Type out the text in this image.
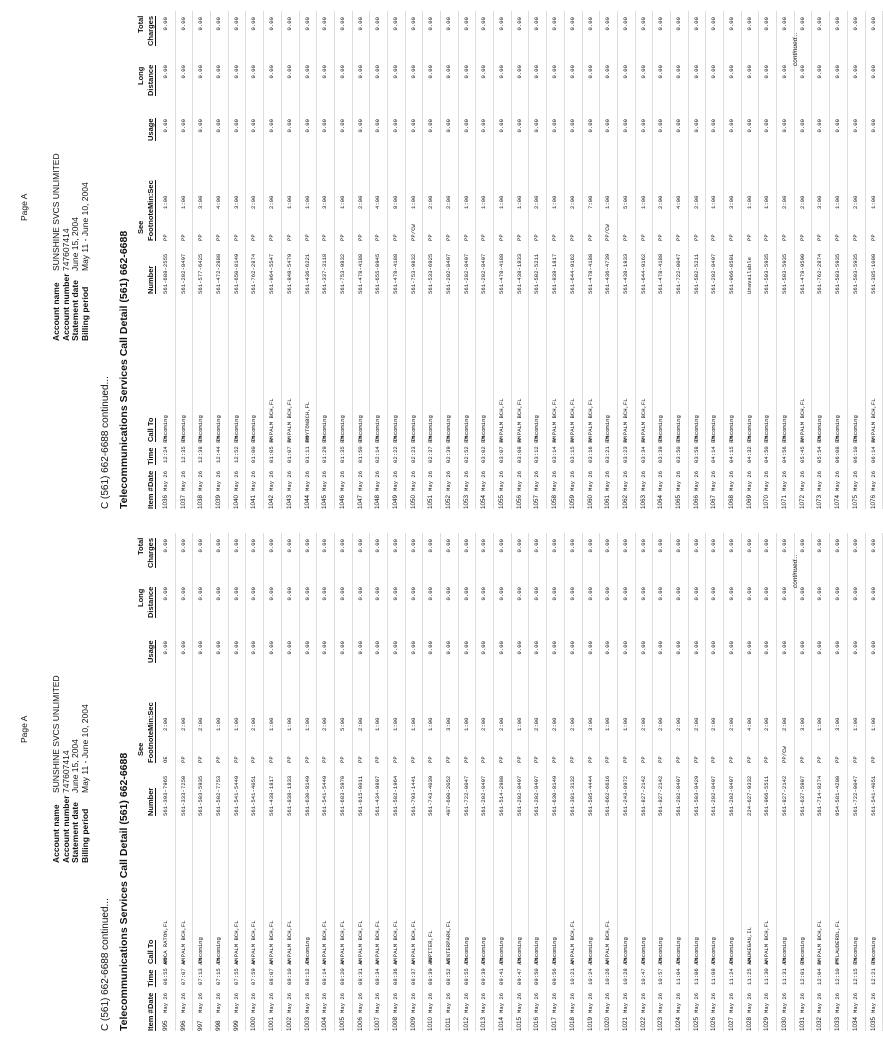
Page A
Account name
SUNSHINE SVCS UNLIMITED
Account number
747607414
Statement date
June 15, 2004
Billing period
May 11 - June 10, 2004
C (561) 662-6688 continued... Telecommunications Services Call Detail (561) 662-6688 Item #
Date
Time
Call To
Number
See Footnote
Min:Sec
Usage
Long Distance
Total Charges
995
May 26
06:55 AM
BOCA RATON,FL
561-393-7965
OE
2:00
0.00
0.00
0.00
996
May 26
07:07 AM
W PALM BCH,FL
561-333-7250
PP
2:00
0.00
0.00
0.00
997
May 26
07:13 AM
Incoming
561-503-5935
PP
2:00
0.00
0.00
0.00
998
May 26
07:15 AM
Incoming
561-502-7753
PP
1:00
0.00
0.00
0.00
999
May 26
07:55 AM
W PALM BCH,FL
561-541-5449
PP
1:00
0.00
0.00
0.00
1000
May 26
07:59 AM
W PALM BCH,FL
561-541-4051
PP
2:00
0.00
0.00
0.00
1001
May 26
08:07 AM
W PALM BCH,FL
561-438-1817
PP
1:00
0.00
0.00
0.00
1002
May 26
08:10 AM
W PALM BCH,FL
561-838-1833
PP
1:00
0.00
0.00
0.00
1003
May 26
08:12 AM
Incoming
561-630-8149
PP
1:00
0.00
0.00
0.00
1004
May 26
08:14 AM
W PALM BCH,FL
561-541-5449
PP
2:00
0.00
0.00
0.00
1005
May 26
08:20 AM
W PALM BCH,FL
561-683-5970
PP
5:00
0.00
0.00
0.00
1006
May 26
08:31 AM
W PALM BCH,FL
561-615-0011
PP
2:00
0.00
0.00
0.00
1007
May 26
08:34 AM
W PALM BCH,FL
561-434-9897
PP
1:00
0.00
0.00
0.00
1008
May 26
08:36 AM
W PALM BCH,FL
561-582-1964
PP
1:00
0.00
0.00
0.00
1009
May 26
08:37 AM
W PALM BCH,FL
561-793-1441
PP
1:00
0.00
0.00
0.00
1010
May 26
08:39 AM
JUPITER,FL
561-743-4039
PP
1:00
0.00
0.00
0.00
1011
May 26
08:52 AM
WINTERPARK,FL
407-600-2052
PP
3:00
0.00
0.00
0.00
1012
May 26
08:55 AM
Incoming
561-722-0047
PP
1:00
0.00
0.00
0.00
1013
May 26
09:39 AM
Incoming
561-202-8497
PP
2:00
0.00
0.00
0.00
1014
May 26
09:41 AM
Incoming
561-514-2980
PP
2:00
0.00
0.00
0.00
1015
May 26
09:47 AM
Incoming
561-202-8497
PP
1:00
0.00
0.00
0.00
1016
May 26
09:50 AM
Incoming
561-202-8497
PP
2:00
0.00
0.00
0.00
1017
May 26
09:56 AM
Incoming
561-630-8149
PP
2:00
0.00
0.00
0.00
1018
May 26
10:21 AM
W PALM BCH,FL
561-301-3132
PP
2:00
0.00
0.00
0.00
1019
May 26
10:24 AM
Incoming
561-585-4444
PP
3:00
0.00
0.00
0.00
1020
May 26
10:26 AM
W PALM BCH,FL
561-662-6616
PP
1:00
0.00
0.00
0.00
1021
May 26
10:28 AM
Incoming
561-243-8972
PP
1:00
0.00
0.00
0.00
1022
May 26
10:47 AM
Incoming
561-827-2142
PP
2:00
0.00
0.00
0.00
1023
May 26
10:57 AM
Incoming
561-827-2142
PP
2:00
0.00
0.00
0.00
1024
May 26
11:04 AM
Incoming
561-202-8497
PP
2:00
0.00
0.00
0.00
1025
May 26
11:06 AM
Incoming
561-503-8429
PP
2:00
0.00
0.00
0.00
1026
May 26
11:08 AM
Incoming
561-202-8497
PP
2:00
0.00
0.00
0.00
1027
May 26
11:24 AM
Incoming
561-202-8497
PP
2:00
0.00
0.00
0.00
1028
May 26
11:25 AM
WAUKEGAN,IL
224-627-9332
PP
4:00
0.00
0.00
0.00
1029
May 26
11:30 AM
W PALM BCH,FL
561-966-5511
PP
2:00
0.00
0.00
0.00
1030
May 26
11:31 AM
Incoming
561-827-2142
PP/CW
2:00
0.00
0.00
0.00
1031
May 26
12:01 PM
Incoming
561-637-5907
PP
3:00
0.00
0.00
0.00
1032
May 26
12:04 PM
W PALM BCH,FL
561-714-8274
PP
1:00
0.00
0.00
0.00
1033
May 26
12:10 PM
PTLAUDERDL,FL
954-581-4200
PP
3:00
0.00
0.00
0.00
1034
May 26
12:15 PM
Incoming
561-722-0047
PP
1:00
0.00
0.00
0.00
1035
May 26
12:21 PM
Incoming
561-541-4051
PP
1:00
0.00
0.00
0.00
continued...
Page A
Account name
SUNSHINE SVCS UNLIMITED
Account number
747607414
Statement date
June 15, 2004
Billing period
May 11 - June 10, 2004
C (561) 662-6688 continued... Telecommunications Services Call Detail (561) 662-6688 Item #
Date
Time
Call To
Number
See Footnote
Min:Sec
Usage
Long Distance
Total Charges
1036
May 26
12:24 PM
Incoming
561-688-2555
PP
1:00
0.00
0.00
0.00
1037
May 26
12:35 PM
Incoming
561-202-8497
PP
1:00
0.00
0.00
0.00
1038
May 26
12:38 PM
Incoming
561-577-6425
PP
3:00
0.00
0.00
0.00
1039
May 26
12:44 PM
Incoming
561-472-2888
PP
4:00
0.00
0.00
0.00
1040
May 26
12:52 PM
Incoming
561-650-8149
PP
3:00
0.00
0.00
0.00
1041
May 26
01:00 PM
Incoming
561-762-2874
PP
2:00
0.00
0.00
0.00
1042
May 26
01:05 PM
W PALM BCH,FL
561-964-5547
PP
2:00
0.00
0.00
0.00
1043
May 26
01:07 PM
W PALM BCH,FL
561-848-5479
PP
1:00
0.00
0.00
0.00
1044
May 26
01:11 PM
BOYTONBCH,FL
561-436-6221
PP
1:00
0.00
0.00
0.00
1045
May 26
01:29 PM
Incoming
561-337-3118
PP
3:00
0.00
0.00
0.00
1046
May 26
01:35 PM
Incoming
561-753-9832
PP
1:00
0.00
0.00
0.00
1047
May 26
01:50 PM
Incoming
561-478-4188
PP
2:00
0.00
0.00
0.00
1048
May 26
02:14 PM
Incoming
561-655-0945
PP
4:00
0.00
0.00
0.00
1049
May 26
02:22 PM
Incoming
561-478-4188
PP
8:00
0.00
0.00
0.00
1050
May 26
02:23 PM
Incoming
561-753-9832
PP/CW
1:00
0.00
0.00
0.00
1051
May 26
02:37 PM
Incoming
561-533-6925
PP
2:00
0.00
0.00
0.00
1052
May 26
02:39 PM
Incoming
561-202-8497
PP
2:00
0.00
0.00
0.00
1053
May 26
02:52 PM
Incoming
561-202-8497
PP
1:00
0.00
0.00
0.00
1054
May 26
03:02 PM
Incoming
561-202-8497
PP
1:00
0.00
0.00
0.00
1055
May 26
03:07 PM
W PALM BCH,FL
561-478-4188
PP
1:00
0.00
0.00
0.00
1056
May 26
03:08 PM
W PALM BCH,FL
561-438-1833
PP
1:00
0.00
0.00
0.00
1057
May 26
03:12 PM
Incoming
561-502-5211
PP
2:00
0.00
0.00
0.00
1058
May 26
03:14 PM
W PALM BCH,FL
561-838-1817
PP
1:00
0.00
0.00
0.00
1059
May 26
03:15 PM
W PALM BCH,FL
561-644-9162
PP
2:00
0.00
0.00
0.00
1060
May 26
03:16 PM
W PALM BCH,FL
561-478-4188
PP
7:00
0.00
0.00
0.00
1061
May 26
03:21 PM
Incoming
561-436-4739
PP/CW
1:00
0.00
0.00
0.00
1062
May 26
03:23 PM
W PALM BCH,FL
561-438-1833
PP
5:00
0.00
0.00
0.00
1063
May 26
03:34 PM
W PALM BCH,FL
561-644-9162
PP
1:00
0.00
0.00
0.00
1064
May 26
03:39 PM
Incoming
561-478-4188
PP
2:00
0.00
0.00
0.00
1065
May 26
03:50 PM
Incoming
561-722-0047
PP
4:00
0.00
0.00
0.00
1066
May 26
03:58 PM
Incoming
561-502-5211
PP
2:00
0.00
0.00
0.00
1067
May 26
04:14 PM
Incoming
561-202-8497
PP
1:00
0.00
0.00
0.00
1068
May 26
04:15 PM
Incoming
561-966-0501
PP
3:00
0.00
0.00
0.00
1069
May 26
04:32 PM
Incoming
Unavailable
PP
1:00
0.00
0.00
0.00
1070
May 26
04:50 PM
Incoming
561-503-5935
PP
1:00
0.00
0.00
0.00
1071
May 26
04:56 PM
Incoming
561-503-5935
PP
2:00
0.00
0.00
0.00
1072
May 26
05:45 PM
W PALM BCH,FL
561-478-9590
PP
2:00
0.00
0.00
0.00
1073
May 26
05:54 PM
Incoming
561-762-2874
PP
3:00
0.00
0.00
0.00
1074
May 26
06:08 PM
Incoming
561-503-5935
PP
1:00
0.00
0.00
0.00
1075
May 26
06:10 PM
Incoming
561-503-5935
PP
2:00
0.00
0.00
0.00
1076
May 26
06:14 PM
W PALM BCH,FL
561-385-1008
PP
1:00
0.00
0.00
0.00
continued...
